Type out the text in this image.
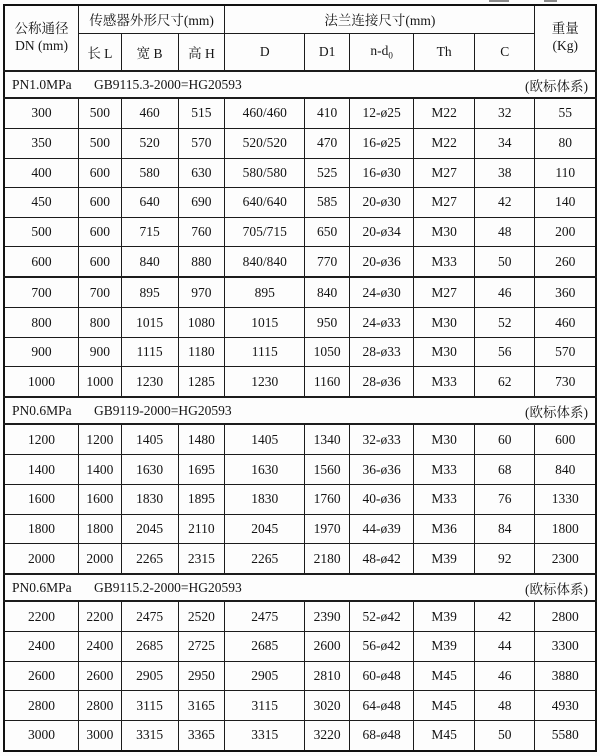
公称通径
DN (mm)	传感器外形尺寸(mm)			法兰连接尺寸(mm)					重量
(Kg)

	长 L	宽 B	高 H	D	D1	$n-d_0$	Th	C	

PN1.0MPa GB9115.3-2000=HG20593 (欧标体系)									

300	500	460	515	460/460	410	12-ø25	M22	32	55
350	500	520	570	520/520	470	16-ø25	M22	34	80
400	600	580	630	580/580	525	16-ø30	M27	38	110
450	600	640	690	640/640	585	20-ø30	M27	42	140
500	600	715	760	705/715	650	20-ø34	M30	48	200
600	600	840	880	840/840	770	20-ø36	M33	50	260
700	700	895	970	895	840	24-ø30	M27	46	360
800	800	1015	1080	1015	950	24-ø33	M30	52	460
900	900	1115	1180	1115	1050	28-ø33	M30	56	570
1000	1000	1230	1285	1230	1160	28-ø36	M33	62	730

PN0.6MPa GB9119-2000=HG20593 (欧标体系)									

1200	1200	1405	1480	1405	1340	32-ø33	M30	60	600
1400	1400	1630	1695	1630	1560	36-ø36	M33	68	840
1600	1600	1830	1895	1830	1760	40-ø36	M33	76	1330
1800	1800	2045	2110	2045	1970	44-ø39	M36	84	1800
2000	2000	2265	2315	2265	2180	48-ø42	M39	92	2300

PN0.6MPa GB9115.2-2000=HG20593 (欧标体系)									

2200	2200	2475	2520	2475	2390	52-ø42	M39	42	2800
2400	2400	2685	2725	2685	2600	56-ø42	M39	44	3300
2600	2600	2905	2950	2905	2810	60-ø48	M45	46	3880
2800	2800	3115	3165	3115	3020	64-ø48	M45	48	4930
3000	3000	3315	3365	3315	3220	68-ø48	M45	50	5580
